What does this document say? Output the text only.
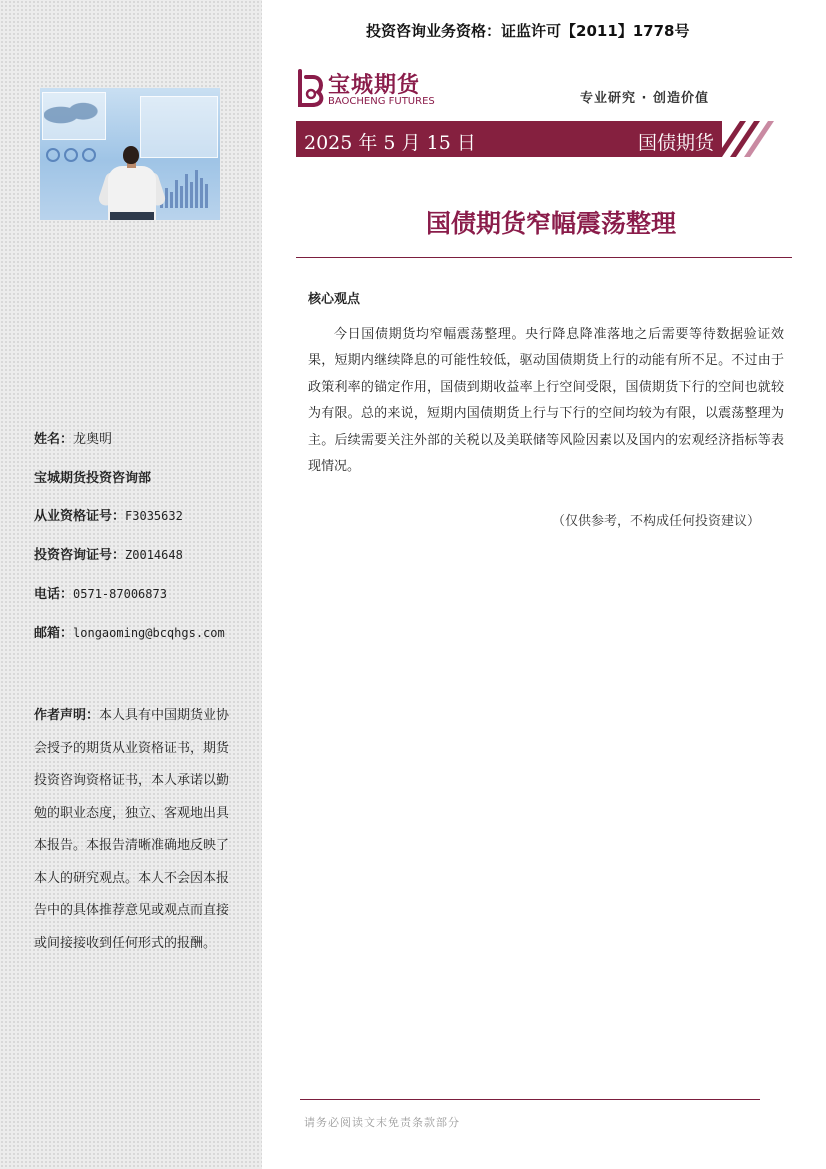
姓名：龙奥明
宝城期货投资咨询部
从业资格证号：F3035632
投资咨询证号：Z0014648
电话：0571-87006873
邮箱：longaoming@bcqhgs.com
作者声明：本人具有中国期货业协会授予的期货从业资格证书，期货投资咨询资格证书，本人承诺以勤勉的职业态度，独立、客观地出具本报告。本报告清晰准确地反映了本人的研究观点。本人不会因本报告中的具体推荐意见或观点而直接或间接接收到任何形式的报酬。
投资咨询业务资格：证监许可【2011】1778号
宝城期货
BAOCHENG FUTURES	专业研究 · 创造价值
2025 年 5 月 15 日	国债期货
国债期货窄幅震荡整理
核心观点
今日国债期货均窄幅震荡整理。央行降息降准落地之后需要等待数据验证效果，短期内继续降息的可能性较低，驱动国债期货上行的动能有所不足。不过由于政策利率的锚定作用，国债到期收益率上行空间受限，国债期货下行的空间也就较为有限。总的来说，短期内国债期货上行与下行的空间均较为有限，以震荡整理为主。后续需要关注外部的关税以及美联储等风险因素以及国内的宏观经济指标等表现情况。
（仅供参考，不构成任何投资建议）
请务必阅读文末免责条款部分
